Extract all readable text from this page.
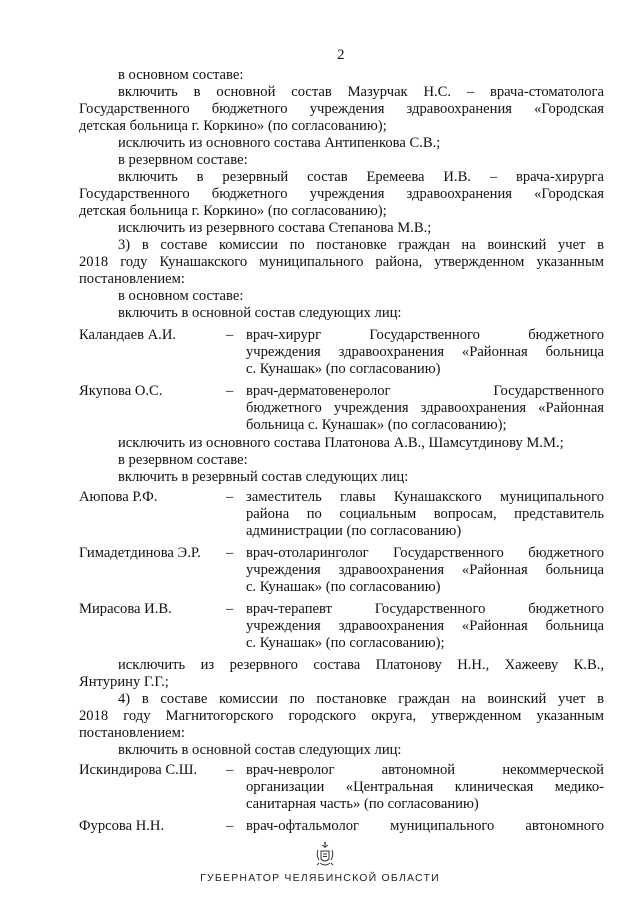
2
в основном составе:
включить в основной состав Мазурчак Н.С. – врача-стоматолога
Государственного бюджетного учреждения здравоохранения «Городская
детская больница г. Коркино» (по согласованию);
исключить из основного состава Антипенкова С.В.;
в резервном составе:
включить в резервный состав Еремеева И.В. – врача-хирурга
Государственного бюджетного учреждения здравоохранения «Городская
детская больница г. Коркино» (по согласованию);
исключить из резервного состава Степанова М.В.;
3) в составе комиссии по постановке граждан на воинский учет в
2018 году Кунашакского муниципального района, утвержденном указанным
постановлением:
в основном составе:
включить в основной состав следующих лиц:
Каландаев А.И.	– врач-хирург Государственного бюджетного
учреждения здравоохранения «Районная больница
с. Кунашак» (по согласованию)
Якупова О.С.	– врач-дерматовенеролог Государственного
бюджетного учреждения здравоохранения «Районная
больница с. Кунашак» (по согласованию);
исключить из основного состава Платонова А.В., Шамсутдинову М.М.;
в резервном составе:
включить в резервный состав следующих лиц:
Аюпова Р.Ф.	– заместитель главы Кунашакского муниципального
района по социальным вопросам, представитель
администрации (по согласованию)
Гимадетдинова Э.Р. – врач-отоларинголог Государственного бюджетного
учреждения здравоохранения «Районная больница
с. Кунашак» (по согласованию)
Мирасова И.В.	– врач-терапевт Государственного бюджетного
учреждения здравоохранения «Районная больница
с. Кунашак» (по согласованию);
исключить из резервного состава Платонову Н.Н., Хажееву К.В.,
Янтурину Г.Г.;
4) в составе комиссии по постановке граждан на воинский учет в
2018 году Магнитогорского городского округа, утвержденном указанным
постановлением:
включить в основной состав следующих лиц:
Искиндирова С.Ш. – врач-невролог автономной некоммерческой
организации «Центральная клиническая медико-
санитарная часть» (по согласованию)
Фурсова Н.Н.	– врач-офтальмолог муниципального автономного
ГУБЕРНАТОР ЧЕЛЯБИНСКОЙ ОБЛАСТИ
